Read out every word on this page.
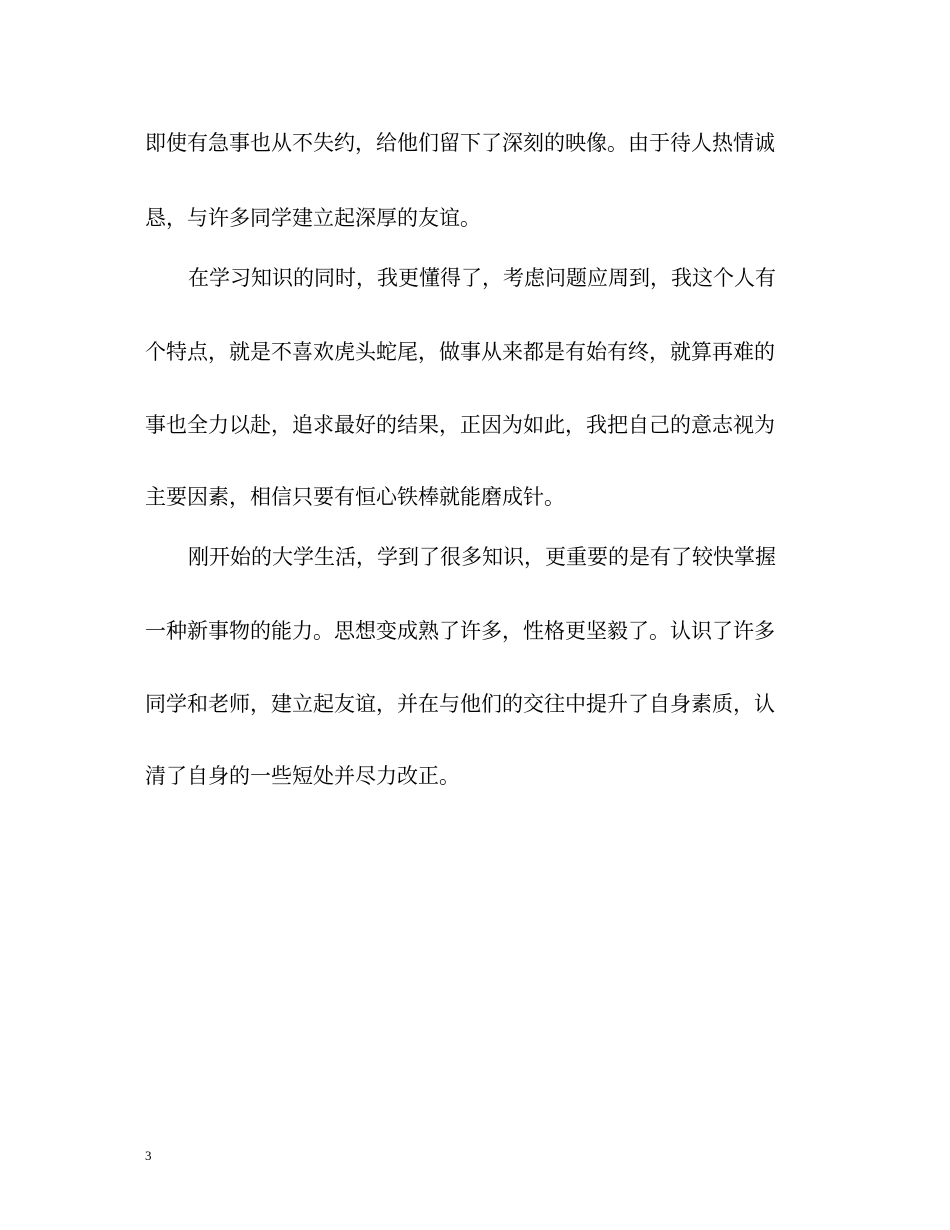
即使有急事也从不失约，给他们留下了深刻的映像。由于待人热情诚
恳，与许多同学建立起深厚的友谊。
在学习知识的同时，我更懂得了，考虑问题应周到，我这个人有
个特点，就是不喜欢虎头蛇尾，做事从来都是有始有终，就算再难的
事也全力以赴，追求最好的结果，正因为如此，我把自己的意志视为
主要因素，相信只要有恒心铁棒就能磨成针。
刚开始的大学生活，学到了很多知识，更重要的是有了较快掌握
一种新事物的能力。思想变成熟了许多，性格更坚毅了。认识了许多
同学和老师，建立起友谊，并在与他们的交往中提升了自身素质，认
清了自身的一些短处并尽力改正。
3
